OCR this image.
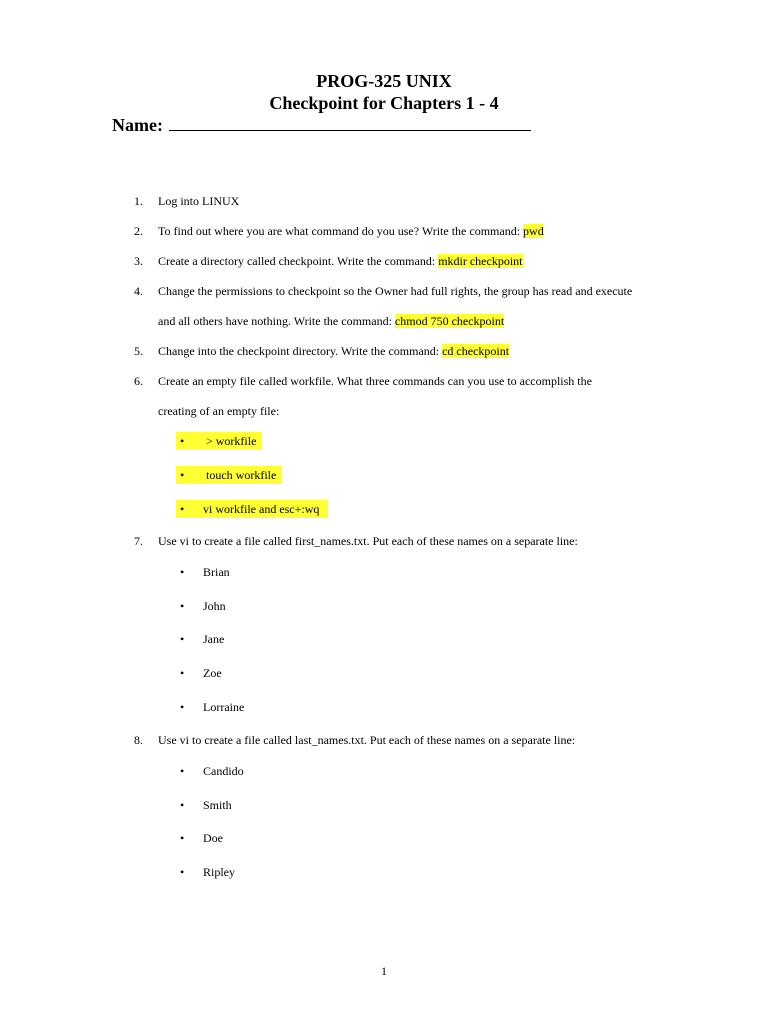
PROG-325 UNIX
Checkpoint for Chapters 1 - 4
Name:
1.	Log into LINUX
2.	To find out where you are what command do you use? Write the command: pwd
3.	Create a directory called checkpoint. Write the command: mkdir checkpoint
4.	Change the permissions to checkpoint so the Owner had full rights, the group has read and execute
and all others have nothing. Write the command: chmod 750 checkpoint
5.	Change into the checkpoint directory. Write the command: cd checkpoint
6.	Create an empty file called workfile. What three commands can you use to accomplish the
creating of an empty file:
• > workfile
• touch workfile
• vi workfile and esc+:wq
7.	Use vi to create a file called first_names.txt. Put each of these names on a separate line:
• Brian
• John
• Jane
• Zoe
• Lorraine
8.	Use vi to create a file called last_names.txt. Put each of these names on a separate line:
• Candido
• Smith
• Doe
• Ripley
1
